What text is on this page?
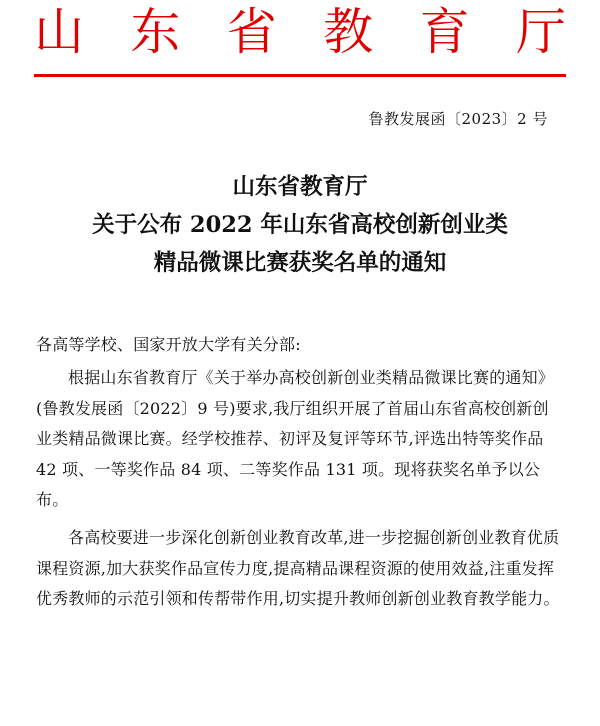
山 东 省 教 育 厅
鲁教发展函〔2023〕2 号
山东省教育厅
关于公布 2022 年山东省高校创新创业类
精品微课比赛获奖名单的通知

各高等学校、国家开放大学有关分部:

根据山东省教育厅《关于举办高校创新创业类精品微课比赛的通知》(鲁教发展函〔2022〕9 号)要求,我厅组织开展了首届山东省高校创新创业类精品微课比赛。经学校推荐、初评及复评等环节,评选出特等奖作品 42 项、一等奖作品 84 项、二等奖作品 131 项。现将获奖名单予以公布。

各高校要进一步深化创新创业教育改革,进一步挖掘创新创业教育优质课程资源,加大获奖作品宣传力度,提高精品课程资源的使用效益,注重发挥优秀教师的示范引领和传帮带作用,切实提升教师创新创业教育教学能力。
